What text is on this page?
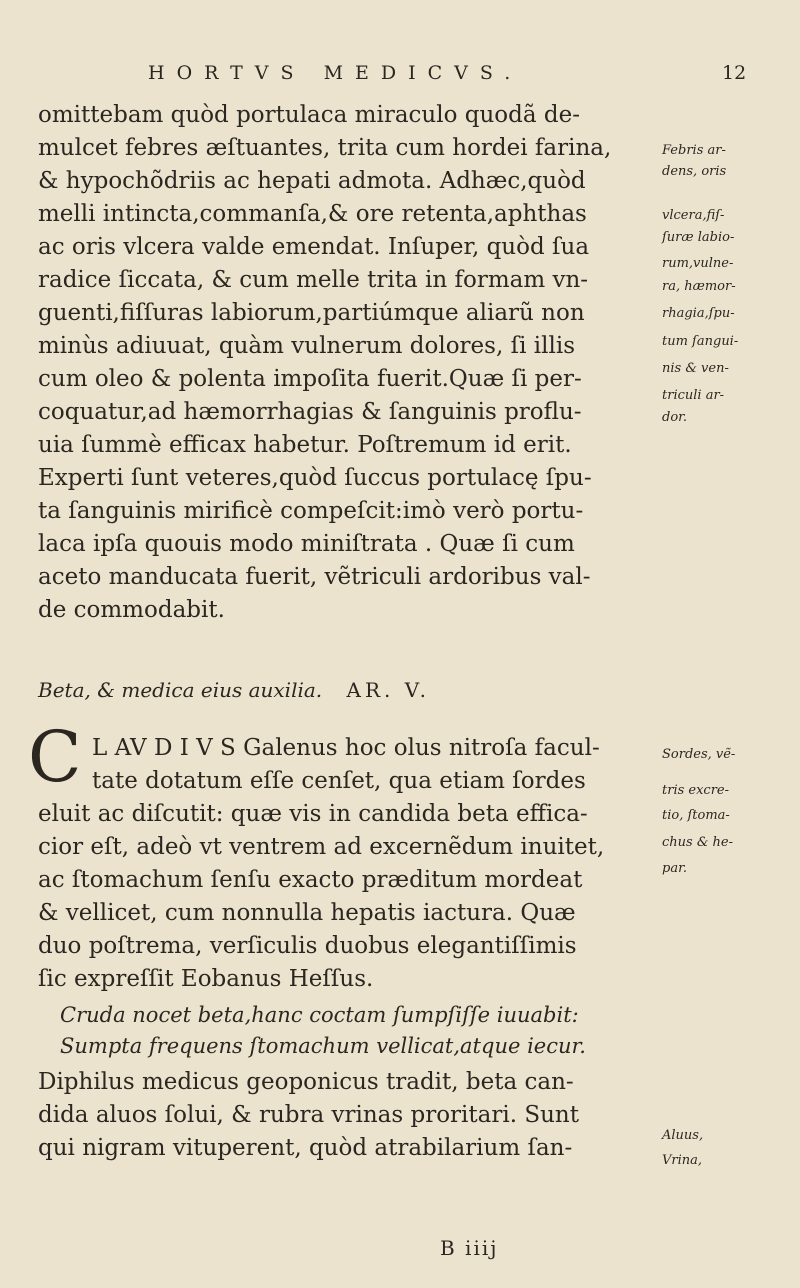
HORTVS MEDICVS.	12
omittebam quòd portulaca miraculo quodã de-
mulcet febres æſtuantes, trita cum hordei farina,
& hypochõdriis ac hepati admota. Adhæc,quòd
melli intincta,commanſa,& ore retenta,aphthas
ac oris vlcera valde emendat. Inſuper, quòd ſua
radice ſiccata, & cum melle trita in formam vn-
guenti,fiſſuras labiorum,partiúmque aliarũ non
minùs adiuuat, quàm vulnerum dolores, ſi illis
cum oleo & polenta impoſita fuerit.Quæ ſi per-
coquatur,ad hæmorrhagias & ſanguinis proflu-
uia ſummè efficax habetur. Poſtremum id erit.
Experti ſunt veteres,quòd ſuccus portulacę ſpu-
ta ſanguinis mirificè compeſcit:imò verò portu-
laca ipſa quouis modo miniſtrata . Quæ ſi cum
aceto manducata fuerit, vẽtriculi ardoribus val-
de commodabit.
Febris ar-
dens, oris
vlcera,fiſ-
ſuræ labio-
rum,vulne-
ra, hæmor-
rhagia,ſpu-
tum ſangui-
nis & ven-
triculi ar-
dor.
Beta, & medica eius auxilia. AR. V.
C L AV D I V S Galenus hoc olus nitroſa facul-
tate dotatum eſſe cenſet, qua etiam ſordes
eluit ac diſcutit: quæ vis in candida beta effica-
cior eſt, adeò vt ventrem ad excernẽdum inuitet,
ac ſtomachum ſenſu exacto præditum mordeat
& vellicet, cum nonnulla hepatis iactura. Quæ
duo poſtrema, verſiculis duobus elegantiſſimis
ſic expreſſit Eobanus Heſſus.
Cruda nocet beta,hanc coctam ſumpſiſſe iuuabit:
Sumpta frequens ſtomachum vellicat,atque iecur.
Diphilus medicus geoponicus tradit, beta can-
dida aluos ſolui, & rubra vrinas proritari. Sunt
qui nigram vituperent, quòd atrabilarium ſan-
Sordes, vẽ-
tris excre-
tio, ſtoma-
chus & he-
par.
Aluus,
Vrina,
B iiij
